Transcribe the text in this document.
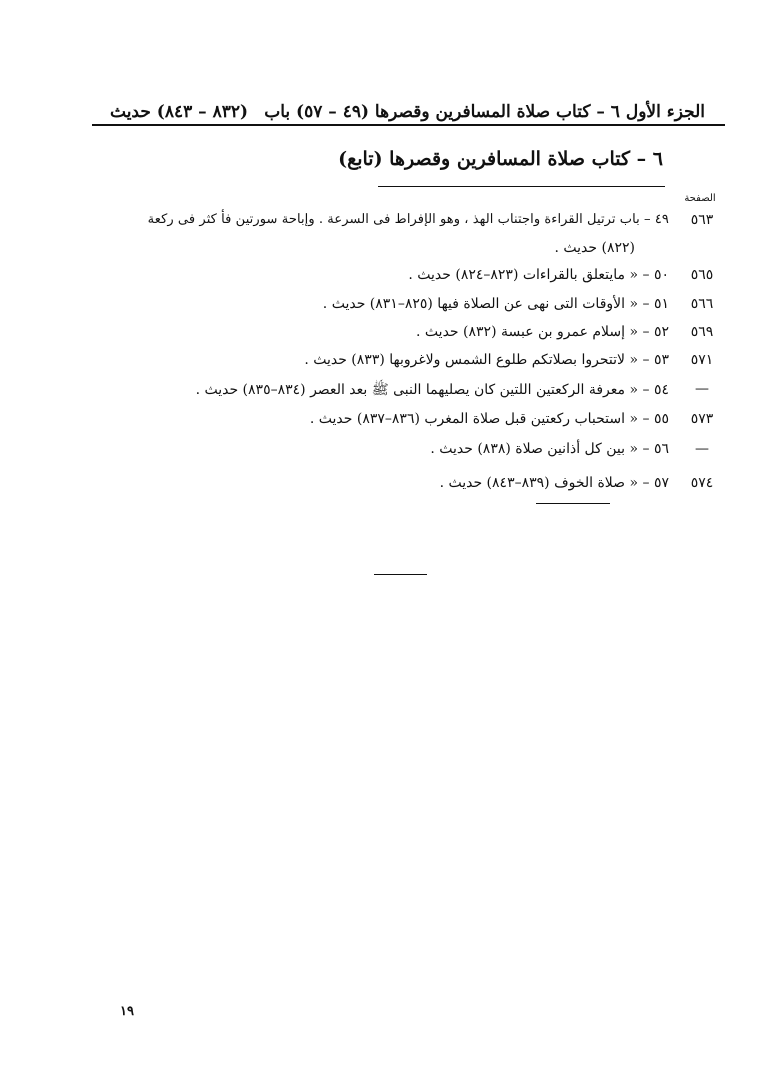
الجزء الأول ٦ – كتاب صلاة المسافرين وقصرها (٤٩ – ٥٧) باب
(٨٣٢ – ٨٤٣) حديث
٦ – كتاب صلاة المسافرين وقصرها (تابع)
الصفحة
٥٦٣
٤٩ – باب ترتيل القراءة واجتناب الهذ ، وهو الإفراط فى السرعة . وإباحة سورتين فأ كثر فى ركعة
(٨٢٢) حديث .
٥٦٥
٥٠ – « مايتعلق بالقراءات (٨٢٣–٨٢٤) حديث .
٥٦٦
٥١ – « الأوقات التى نهى عن الصلاة فيها (٨٢٥–٨٣١) حديث .
٥٦٩
٥٢ – « إسلام عمرو بن عبسة (٨٣٢) حديث .
٥٧١
٥٣ – « لاتتحروا بصلاتكم طلوع الشمس ولاغروبها (٨٣٣) حديث .
—
٥٤ – « معرفة الركعتين اللتين كان يصليهما النبى ﷺ بعد العصر (٨٣٤–٨٣٥) حديث .
٥٧٣
٥٥ – « استحباب ركعتين قبل صلاة المغرب (٨٣٦–٨٣٧) حديث .
—
٥٦ – « بين كل أذانين صلاة (٨٣٨) حديث .
٥٧٤
٥٧ – « صلاة الخوف (٨٣٩–٨٤٣) حديث .
١٩
